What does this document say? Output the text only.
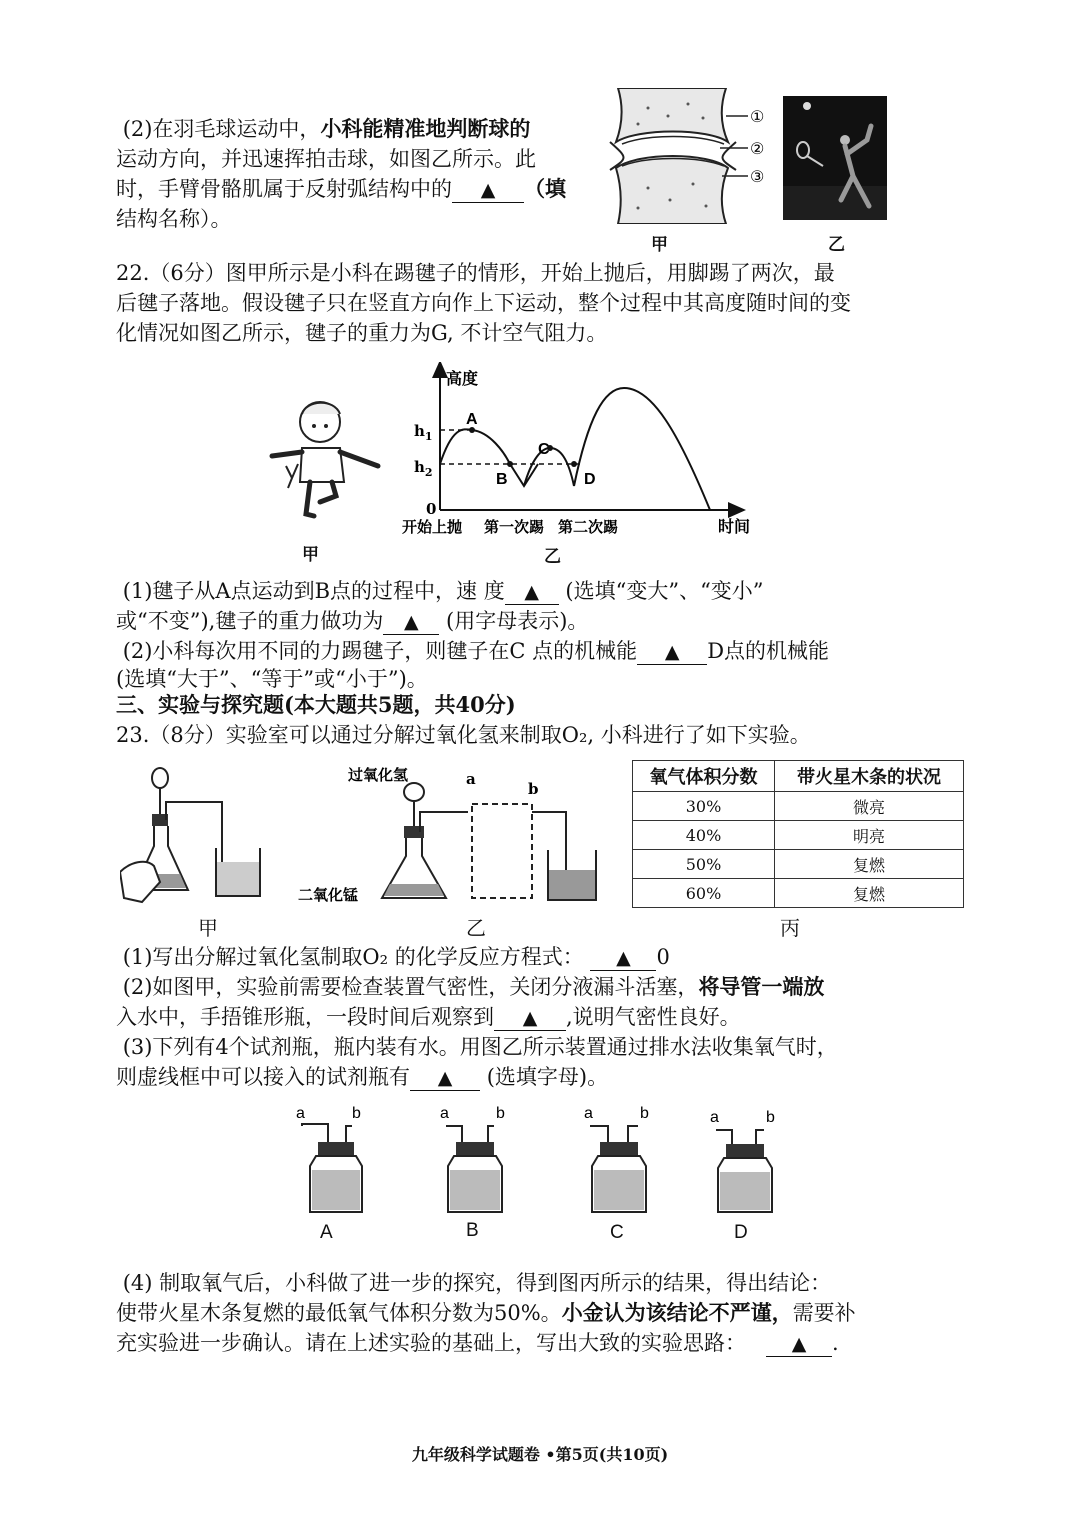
(2)在羽毛球运动中，小科能精准地判断球的
运动方向，并迅速挥拍击球，如图乙所示。此
时，手臂骨骼肌属于反射弧结构中的 ▲ （填
结构名称）。
①
②
③
甲	乙
22.（6分）图甲所示是小科在踢毽子的情形，开始上抛后，用脚踢了两次，最
后毽子落地。假设毽子只在竖直方向作上下运动，整个过程中其高度随时间的变
化情况如图乙所示，毽子的重力为G, 不计空气阻力。
甲
高度
时间
$h_1$
$h_2$
0
开始上抛 第一次踢 第二次踢
A
B
C
D
乙
(1)毽子从A点运动到B点的过程中，速 度 ▲ (选填“变大”、“变小”
或“不变”),毽子的重力做功为 ▲ (用字母表示)。
(2)小科每次用不同的力踢毽子，则毽子在C 点的机械能 ▲ D点的机械能
(选填“大于”、“等于”或“小于”)。
三、实验与探究题(本大题共5题，共40分)
23.（8分）实验室可以通过分解过氧化氢来制取O₂, 小科进行了如下实验。
甲
过氧化氢
二氧化锰
a
b
乙
氧气体积分数	带火星木条的状况
30%	微亮
40%	明亮
50%	复燃
60%	复燃
丙
(1)写出分解过氧化氢制取O₂ 的化学反应方程式： ▲ 0
(2)如图甲，实验前需要检查装置气密性，关闭分液漏斗活塞，将导管一端放
入水中，手捂锥形瓶，一段时间后观察到 ▲ ,说明气密性良好。
(3)下列有4个试剂瓶，瓶内装有水。用图乙所示装置通过排水法收集氧气时，
则虚线框中可以接入的试剂瓶有 ▲ (选填字母)。
a	b	a	b	a	b	a	b
A	B	C	D
(4) 制取氧气后，小科做了进一步的探究，得到图丙所示的结果，得出结论：
使带火星木条复燃的最低氧气体积分数为50%。小金认为该结论不严谨，需要补
充实验进一步确认。请在上述实验的基础上，写出大致的实验思路： ▲ .
九年级科学试题卷 •第5页(共10页)
